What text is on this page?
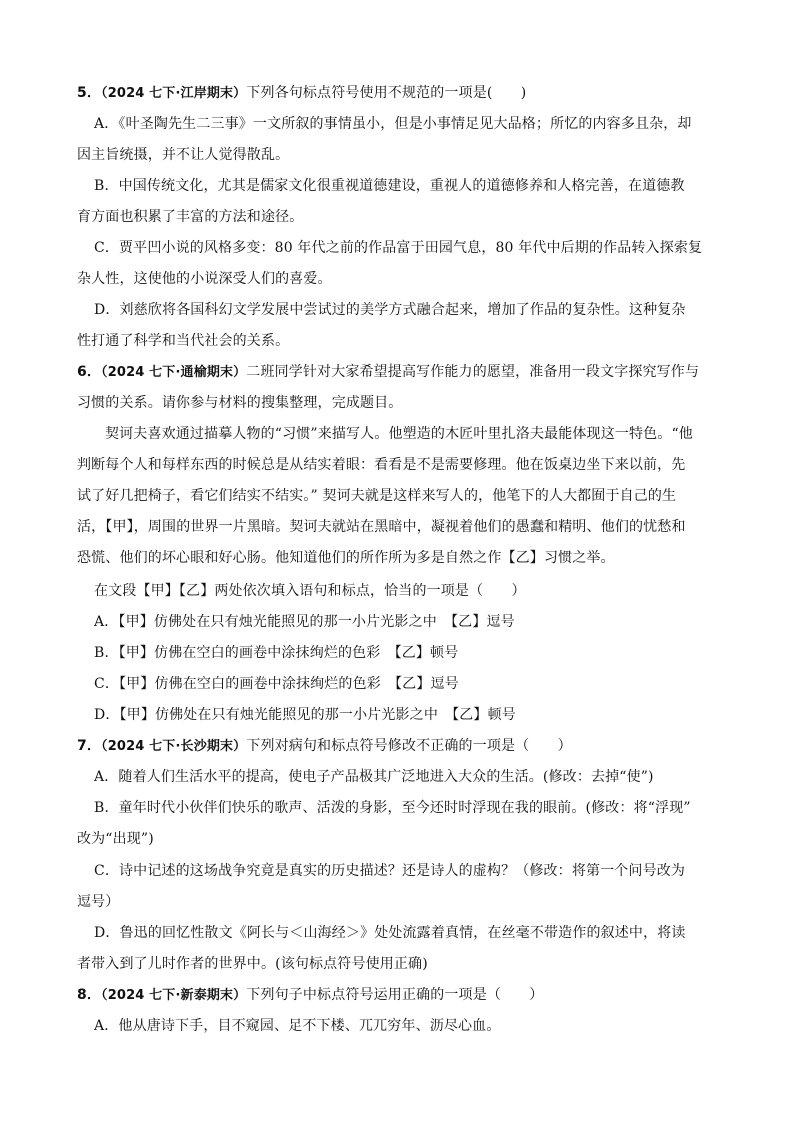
5．（2024 七下·江岸期末）下列各句标点符号使用不规范的一项是(　　)
A．《叶圣陶先生二三事》一文所叙的事情虽小，但是小事情足见大品格；所忆的内容多且杂，却
因主旨统摄，并不让人觉得散乱。
B．中国传统文化，尤其是儒家文化很重视道德建设，重视人的道德修养和人格完善，在道德教
育方面也积累了丰富的方法和途径。
C．贾平凹小说的风格多变：80 年代之前的作品富于田园气息，80 年代中后期的作品转入探索复
杂人性，这使他的小说深受人们的喜爱。
D．刘慈欣将各国科幻文学发展中尝试过的美学方式融合起来，增加了作品的复杂性。这种复杂
性打通了科学和当代社会的关系。
6．（2024 七下·通榆期末）二班同学针对大家希望提高写作能力的愿望，准备用一段文字探究写作与
习惯的关系。请你参与材料的搜集整理，完成题目。
契诃夫喜欢通过描摹人物的“习惯”来描写人。他塑造的木匠叶里扎洛夫最能体现这一特色。“他
判断每个人和每样东西的时候总是从结实着眼：看看是不是需要修理。他在饭桌边坐下来以前，先
试了好几把椅子，看它们结实不结实。” 契诃夫就是这样来写人的，他笔下的人大都囿于自己的生
活，【甲】，周围的世界一片黑暗。契诃夫就站在黑暗中，凝视着他们的愚蠢和精明、他们的忧愁和
恐慌、他们的坏心眼和好心肠。他知道他们的所作所为多是自然之作【乙】习惯之举。
在文段【甲】【乙】两处依次填入语句和标点，恰当的一项是（　　）
A．【甲】仿佛处在只有烛光能照见的那一小片光影之中　【乙】逗号
B．【甲】仿佛在空白的画卷中涂抹绚烂的色彩　【乙】顿号
C．【甲】仿佛在空白的画卷中涂抹绚烂的色彩　【乙】逗号
D．【甲】仿佛处在只有烛光能照见的那一小片光影之中　【乙】顿号
7．（2024 七下·长沙期末）下列对病句和标点符号修改不正确的一项是（　　）
A．随着人们生活水平的提高，使电子产品极其广泛地进入大众的生活。(修改：去掉“使”)
B．童年时代小伙伴们快乐的歌声、活泼的身影，至今还时时浮现在我的眼前。(修改：将“浮现”
改为“出现”)
C．诗中记述的这场战争究竟是真实的历史描述？还是诗人的虚构？（修改：将第一个问号改为
逗号）
D．鲁迅的回忆性散文《阿长与＜山海经＞》处处流露着真情，在丝毫不带造作的叙述中，将读
者带入到了儿时作者的世界中。(该句标点符号使用正确)
8．（2024 七下·新泰期末）下列句子中标点符号运用正确的一项是（　　）
A．他从唐诗下手，目不窥园、足不下楼、兀兀穷年、沥尽心血。
